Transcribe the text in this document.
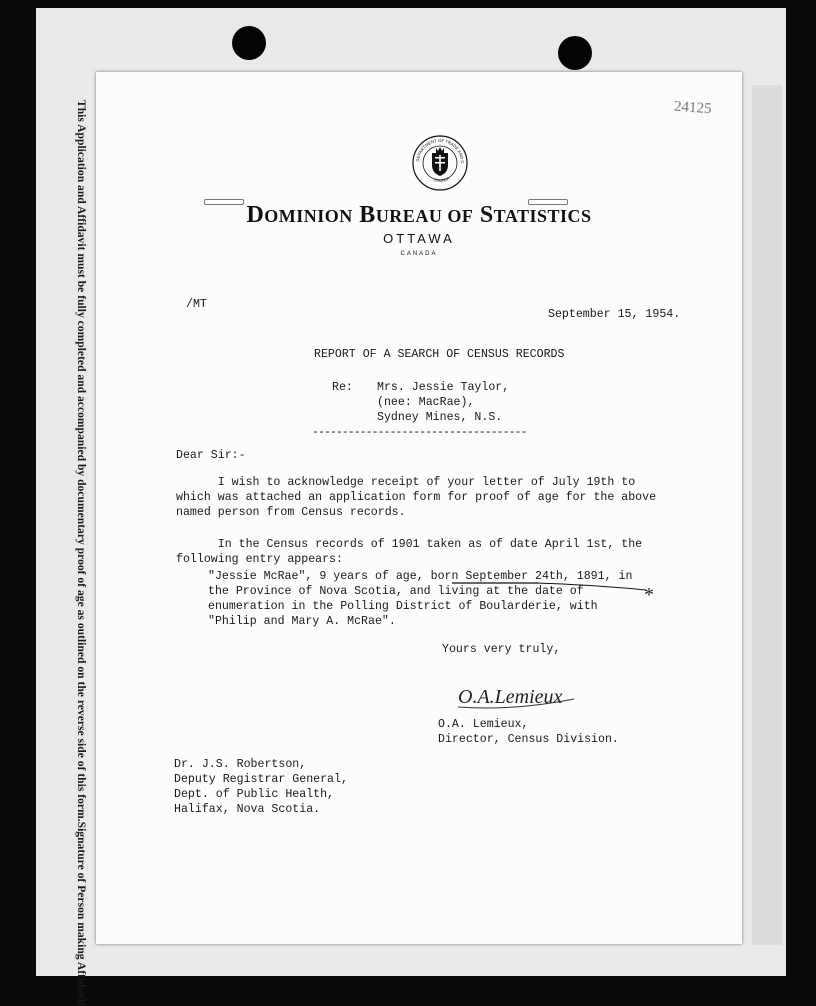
This Application and Affidavit must be fully completed and accompanied by documentary proof of age as outlined on the reverse side of this form.
Signature of Person making Affidavit
DEPARTMENT OF TRADE AND C
CANADA
DOMINION BUREAU OF STATISTICS
OTTAWA
CANADA
/MT
September 15, 1954.
REPORT OF A SEARCH OF CENSUS RECORDS
Re: Mrs. Jessie Taylor,
(nee: MacRae),
Sydney Mines, N.S.
------------------------------------
Dear Sir:-
I wish to acknowledge receipt of your letter of July 19th to
which was attached an application form for proof of age for the above
named person from Census records.
In the Census records of 1901 taken as of date April 1st, the
following entry appears:
"Jessie McRae", 9 years of age, born September 24th, 1891, in
the Province of Nova Scotia, and living at the date of
enumeration in the Polling District of Boularderie, with
"Philip and Mary A. McRae".
*
Yours very truly,
O.A.Lemieux
O.A. Lemieux,
Director, Census Division.
Dr. J.S. Robertson,
Deputy Registrar General,
Dept. of Public Health,
Halifax, Nova Scotia.
24125
